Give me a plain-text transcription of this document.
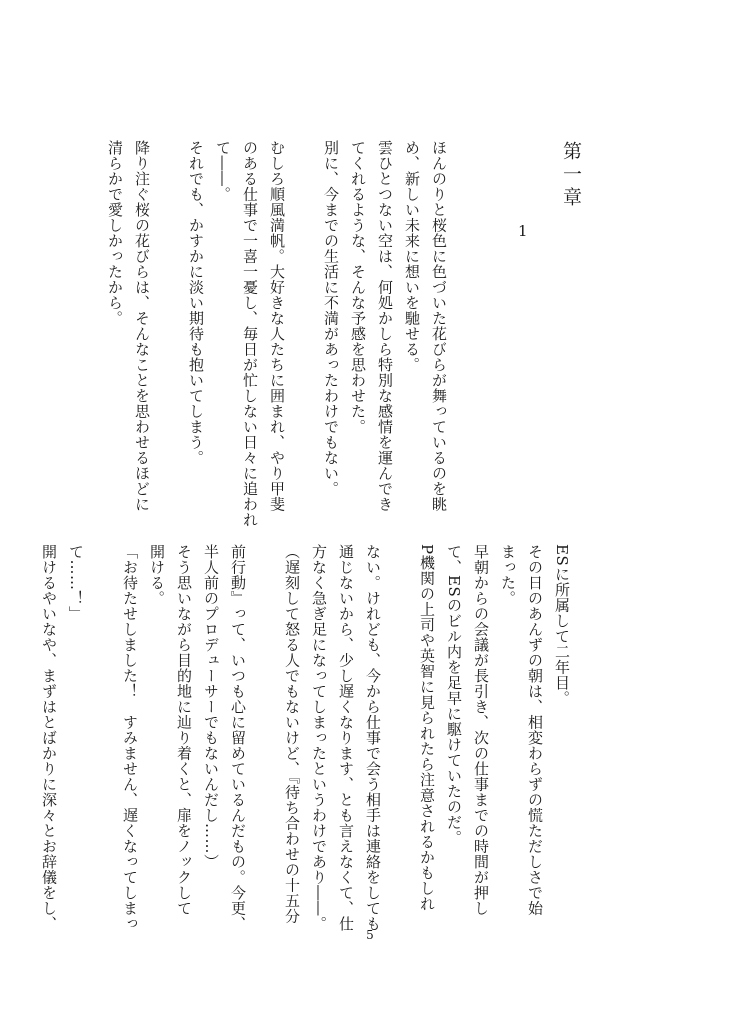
第一章
1

ほんのりと桜色に色づいた花びらが舞っているのを眺

め、新しい未来に想いを馳せる。

雲ひとつない空は、何処かしら特別な感情を運んでき

てくれるような、そんな予感を思わせた。

別に、今までの生活に不満があったわけでもない。

むしろ順風満帆。大好きな人たちに囲まれ、やり甲斐

のある仕事で一喜一憂し、毎日が忙しない日々に追われ

て――。

それでも、かすかに淡い期待も抱いてしまう。

降り注ぐ桜の花びらは、そんなことを思わせるほどに

清らかで愛しかったから。

ESに所属して二年目。

その日のあんずの朝は、相変わらずの慌ただしさで始

まった。

早朝からの会議が長引き、次の仕事までの時間が押し

て、ESのビル内を足早に駆けていたのだ。

P機関の上司や英智に見られたら注意されるかもしれ

ない。けれども、今から仕事で会う相手は連絡をしても

通じないから、少し遅くなります、とも言えなくて、仕

方なく急ぎ足になってしまったというわけであり――。

（遅刻して怒る人でもないけど、『待ち合わせの十五分

前行動』って、いつも心に留めているんだもの。今更、

半人前のプロデューサーでもないんだし……）

そう思いながら目的地に辿り着くと、扉をノックして

開ける。

「お待たせしました！　すみません、遅くなってしまっ

て……！」

開けるやいなや、まずはとばかりに深々とお辞儀をし、

5
